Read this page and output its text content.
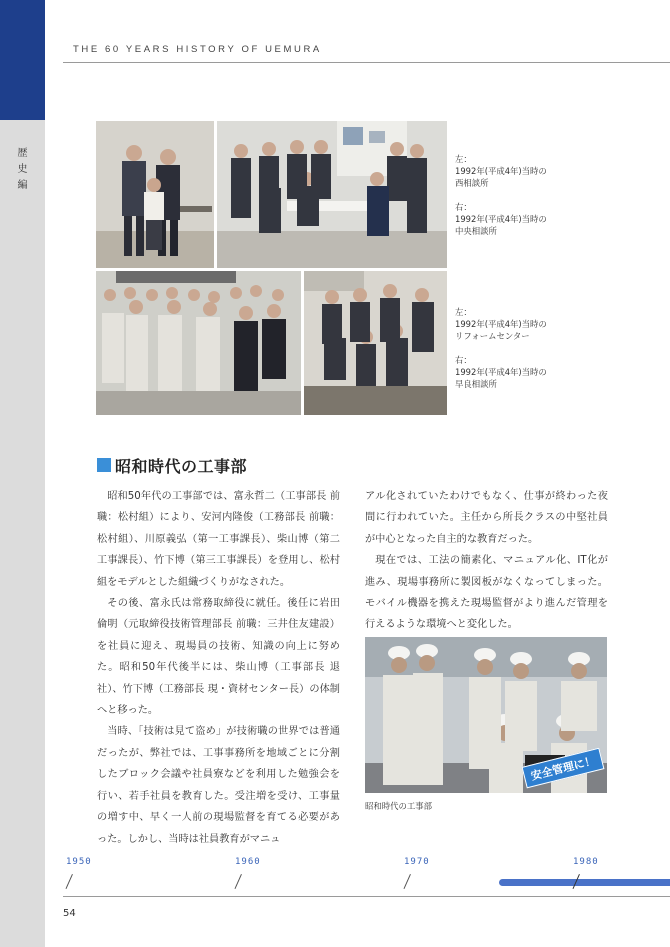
歴
史
編
THE 60 YEARS HISTORY OF UEMURA
左：
1992年(平成4年)当時の
西相談所

右：
1992年(平成4年)当時の
中央相談所
左：
1992年(平成4年)当時の
リフォームセンター

右：
1992年(平成4年)当時の
早良相談所
昭和時代の工事部

昭和50年代の工事部では、富永哲二（工事部長 前職：松村組）により、安河内隆俊（工務部長 前職：松村組）、川原義弘（第一工事課長）、柴山博（第二工事課長）、竹下博（第三工事課長）を登用し、松村組をモデルとした組織づくりがなされた。

その後、富永氏は常務取締役に就任。後任に岩田倫明（元取締役技術管理部長 前職：三井住友建設）を社員に迎え、現場員の技術、知識の向上に努めた。昭和50年代後半には、柴山博（工事部長 退社）、竹下博（工務部長 現・資材センター長）の体制へと移った。

当時、「技術は見て盗め」が技術職の世界では普通だったが、弊社では、工事事務所を地域ごとに分割したブロック会議や社員寮などを利用した勉強会を行い、若手社員を教育した。受注増を受け、工事量の増す中、早く一人前の現場監督を育てる必要があった。しかし、当時は社員教育がマニュ

アル化されていたわけでもなく、仕事が終わった夜間に行われていた。主任から所長クラスの中堅社員が中心となった自主的な教育だった。

現在では、工法の簡素化、マニュアル化、IT化が進み、現場事務所に製図板がなくなってしまった。モバイル機器を携えた現場監督がより進んだ管理を行えるような環境へと変化した。

安全管理に！
昭和時代の工事部
1950	1960	1970	1980
54
